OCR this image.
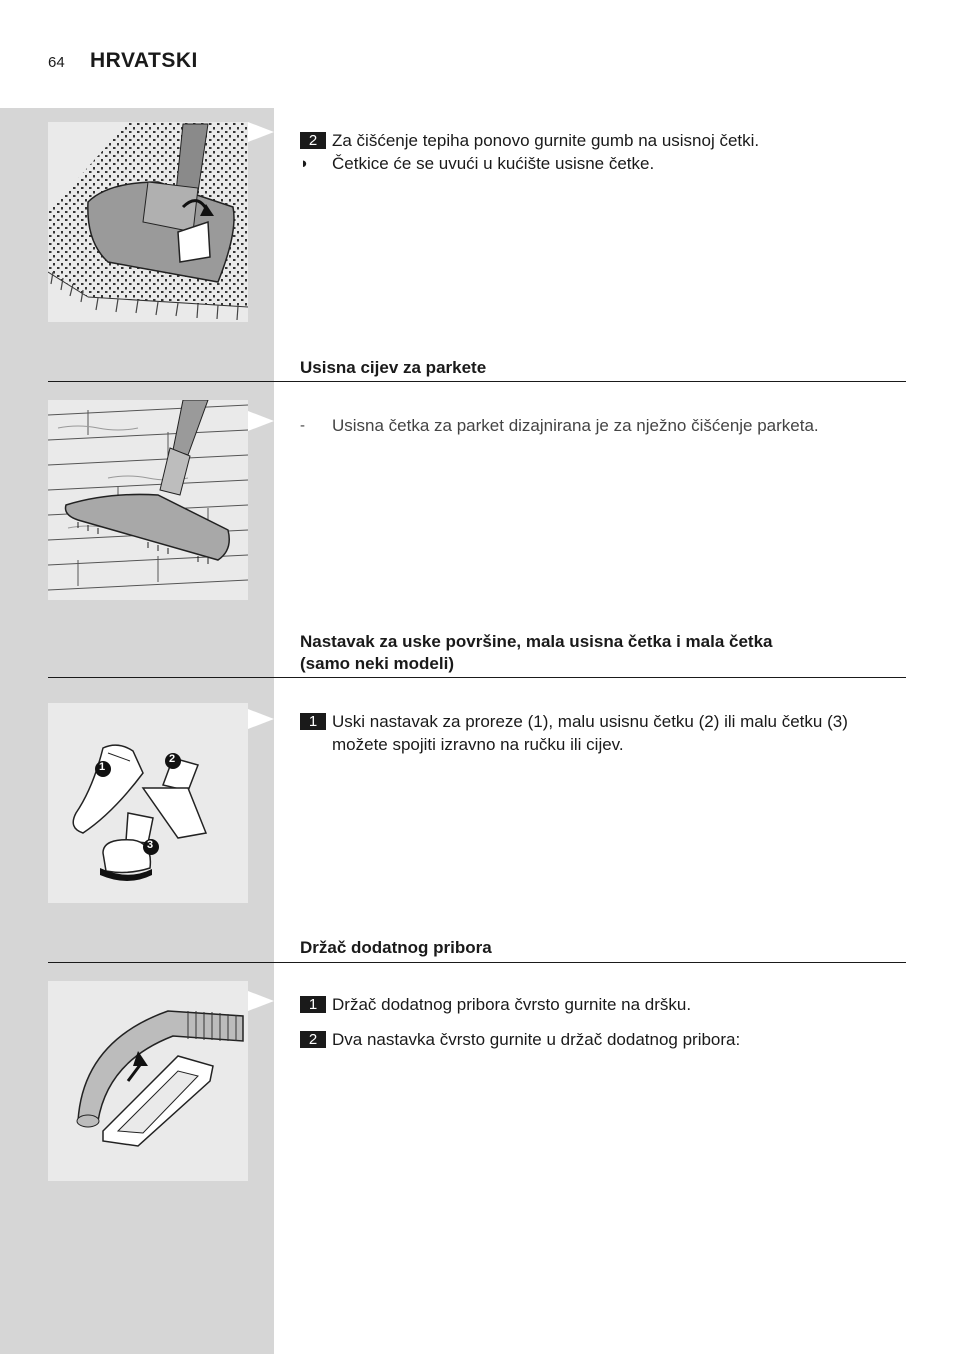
64 HRVATSKI
2 Za čišćenje tepiha ponovo gurnite gumb na usisnoj četki.
◗ Četkice će se uvući u kućište usisne četke.
Usisna cijev za parkete
- Usisna četka za parket dizajnirana je za nježno čišćenje parketa.
Nastavak za uske površine, mala usisna četka i mala četka
(samo neki modeli)
1
2
3
1 Uski nastavak za proreze (1), malu usisnu četku (2) ili malu četku (3) možete spojiti izravno na ručku ili cijev.
Držač dodatnog pribora
1 Držač dodatnog pribora čvrsto gurnite na dršku.
2 Dva nastavka čvrsto gurnite u držač dodatnog pribora:
